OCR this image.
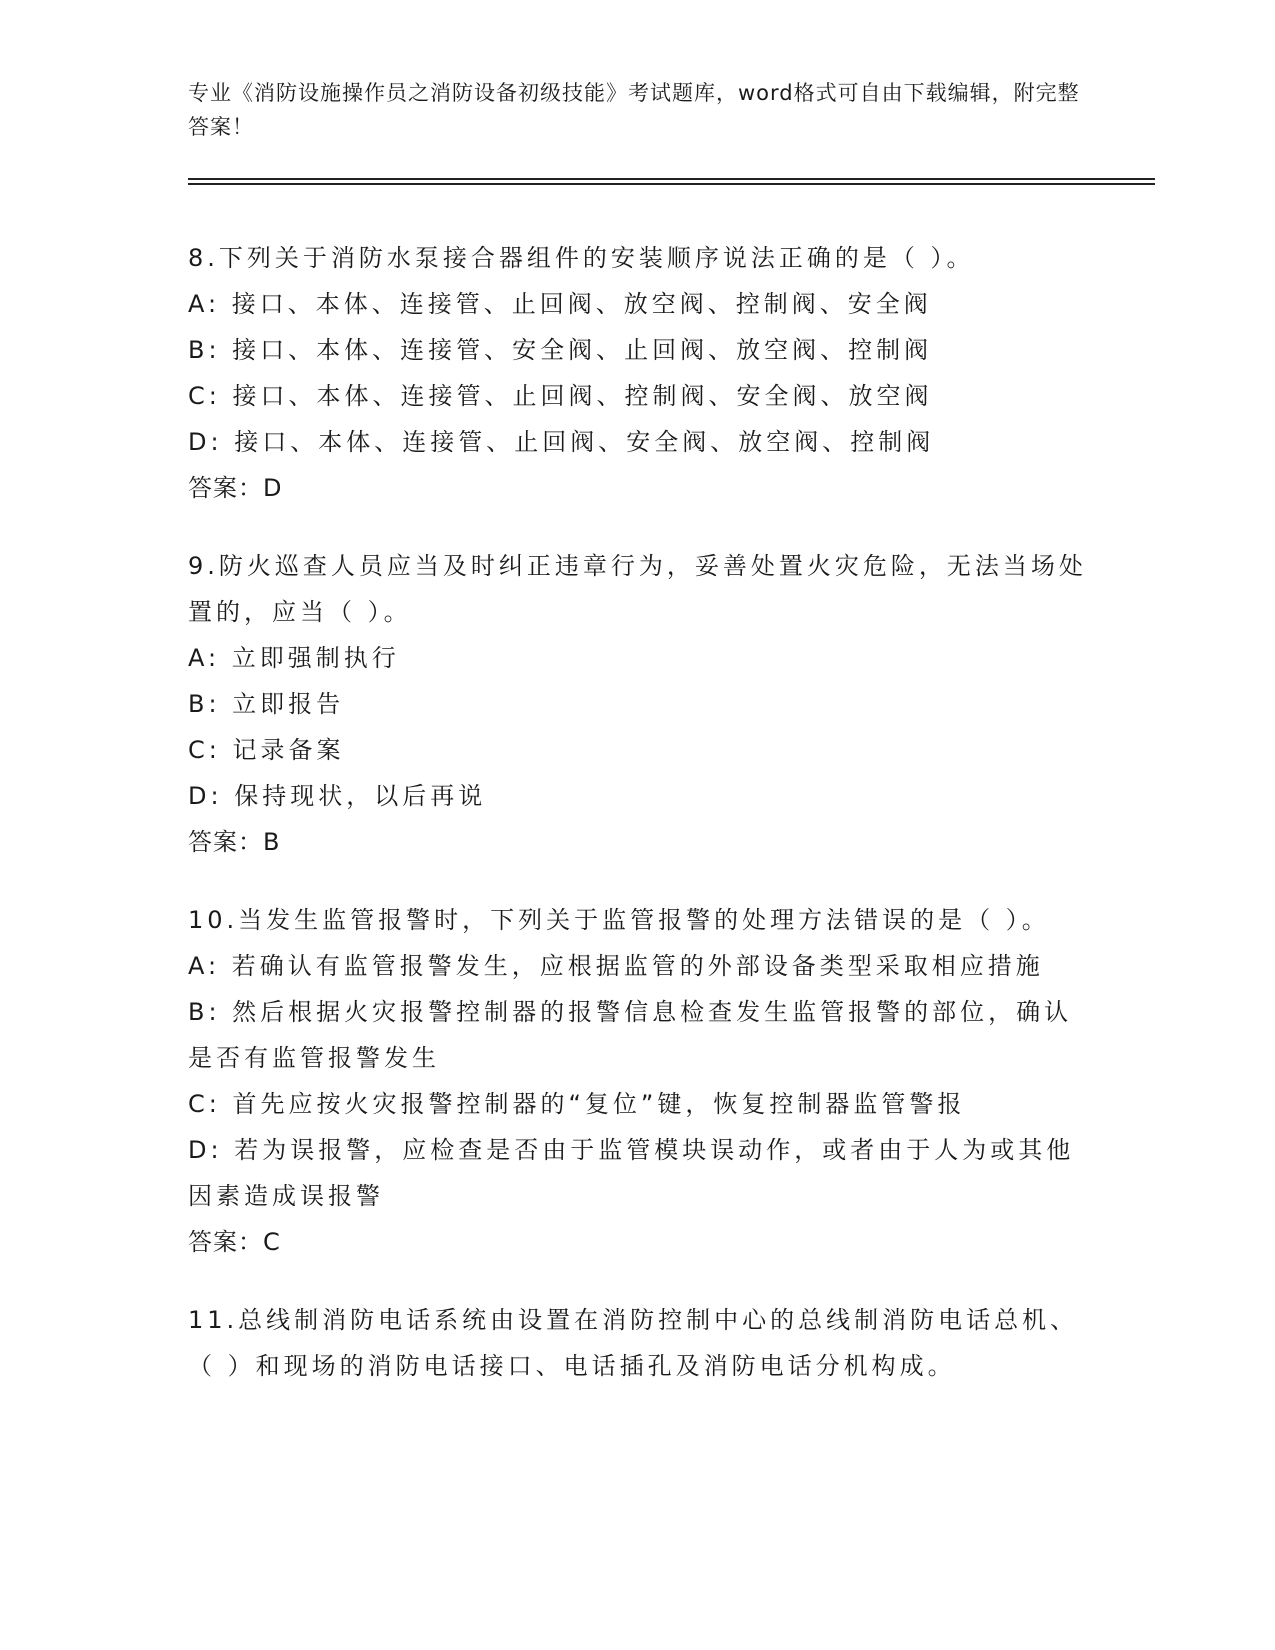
专业《消防设施操作员之消防设备初级技能》考试题库，word格式可自由下载编辑，附完整答案！

8.下列关于消防水泵接合器组件的安装顺序说法正确的是（ ）。

A: 接口、本体、连接管、止回阀、放空阀、控制阀、安全阀

B: 接口、本体、连接管、安全阀、止回阀、放空阀、控制阀

C: 接口、本体、连接管、止回阀、控制阀、安全阀、放空阀

D: 接口、本体、连接管、止回阀、安全阀、放空阀、控制阀

答案：D

9.防火巡查人员应当及时纠正违章行为，妥善处置火灾危险，无法当场处置的，应当（ ）。

A: 立即强制执行

B: 立即报告

C: 记录备案

D: 保持现状，以后再说

答案：B

10.当发生监管报警时，下列关于监管报警的处理方法错误的是（ ）。

A: 若确认有监管报警发生，应根据监管的外部设备类型采取相应措施

B: 然后根据火灾报警控制器的报警信息检查发生监管报警的部位，确认是否有监管报警发生

C: 首先应按火灾报警控制器的“复位”键，恢复控制器监管警报

D: 若为误报警，应检查是否由于监管模块误动作，或者由于人为或其他因素造成误报警

答案：C

11.总线制消防电话系统由设置在消防控制中心的总线制消防电话总机、（ ）和现场的消防电话接口、电话插孔及消防电话分机构成。
